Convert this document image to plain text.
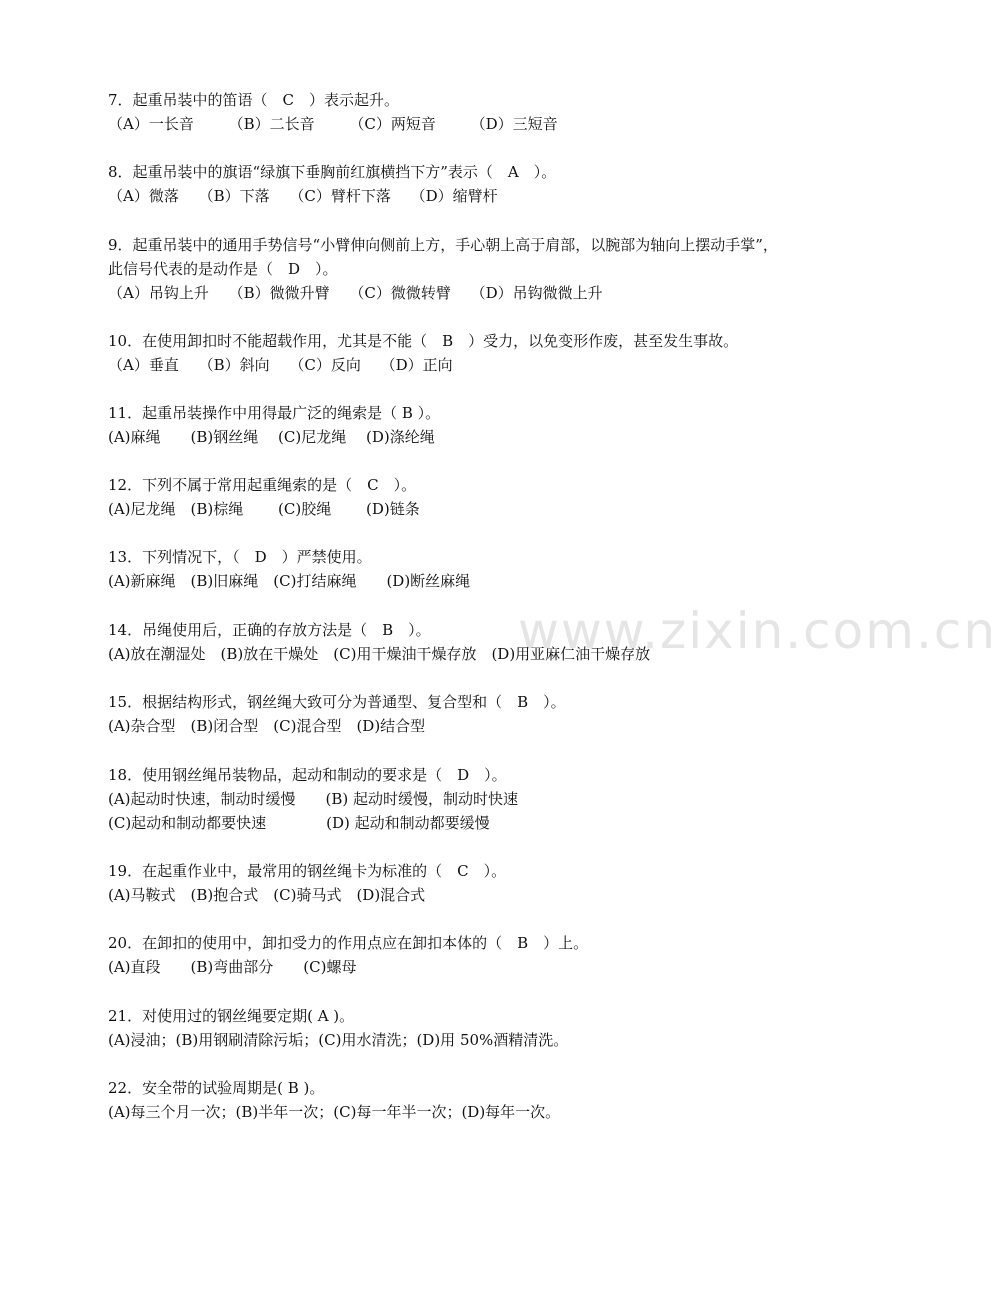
www.zixin.com.cn
7．起重吊装中的笛语（　C　）表示起升。
（A）一长音　　 （B）二长音　　 （C）两短音　　 （D）三短音
8．起重吊装中的旗语“绿旗下垂胸前红旗横挡下方”表示（　A　）。
（A）微落　 （B）下落　 （C）臂杆下落　 （D）缩臂杆
9．起重吊装中的通用手势信号“小臂伸向侧前上方，手心朝上高于肩部，以腕部为轴向上摆动手掌”，
此信号代表的是动作是（　D　）。
（A）吊钩上升　 （B）微微升臂　 （C）微微转臂　 （D）吊钩微微上升
10．在使用卸扣时不能超载作用，尤其是不能（　B　）受力，以免变形作废，甚至发生事故。
（A）垂直　 （B）斜向　 （C）反向　 （D）正向
11．起重吊装操作中用得最广泛的绳索是（ B ）。
(A)麻绳　　(B)钢丝绳　 (C)尼龙绳　 (D)涤纶绳
12．下列不属于常用起重绳索的是（　C　）。
(A)尼龙绳　(B)棕绳　　 (C)胶绳　　 (D)链条
13．下列情况下，（　D　）严禁使用。
(A)新麻绳　(B)旧麻绳　(C)打结麻绳　　(D)断丝麻绳
14．吊绳使用后，正确的存放方法是（　B　）。
(A)放在潮湿处　(B)放在干燥处　(C)用干燥油干燥存放　(D)用亚麻仁油干燥存放
15．根据结构形式，钢丝绳大致可分为普通型、复合型和（　B　）。
(A)杂合型　(B)闭合型　(C)混合型　(D)结合型
18．使用钢丝绳吊装物品，起动和制动的要求是（　D　）。
(A)起动时快速，制动时缓慢　　(B) 起动时缓慢，制动时快速
(C)起动和制动都要快速　　　　(D) 起动和制动都要缓慢
19．在起重作业中，最常用的钢丝绳卡为标准的（　C　）。
(A)马鞍式　(B)抱合式　(C)骑马式　(D)混合式
20．在卸扣的使用中，卸扣受力的作用点应在卸扣本体的（　B　）上。
(A)直段　　(B)弯曲部分　　(C)螺母
21．对使用过的钢丝绳要定期( A )。
(A)浸油；(B)用钢刷清除污垢；(C)用水清洗；(D)用 50%酒精清洗。
22．安全带的试验周期是( B )。
(A)每三个月一次；(B)半年一次；(C)每一年半一次；(D)每年一次。
